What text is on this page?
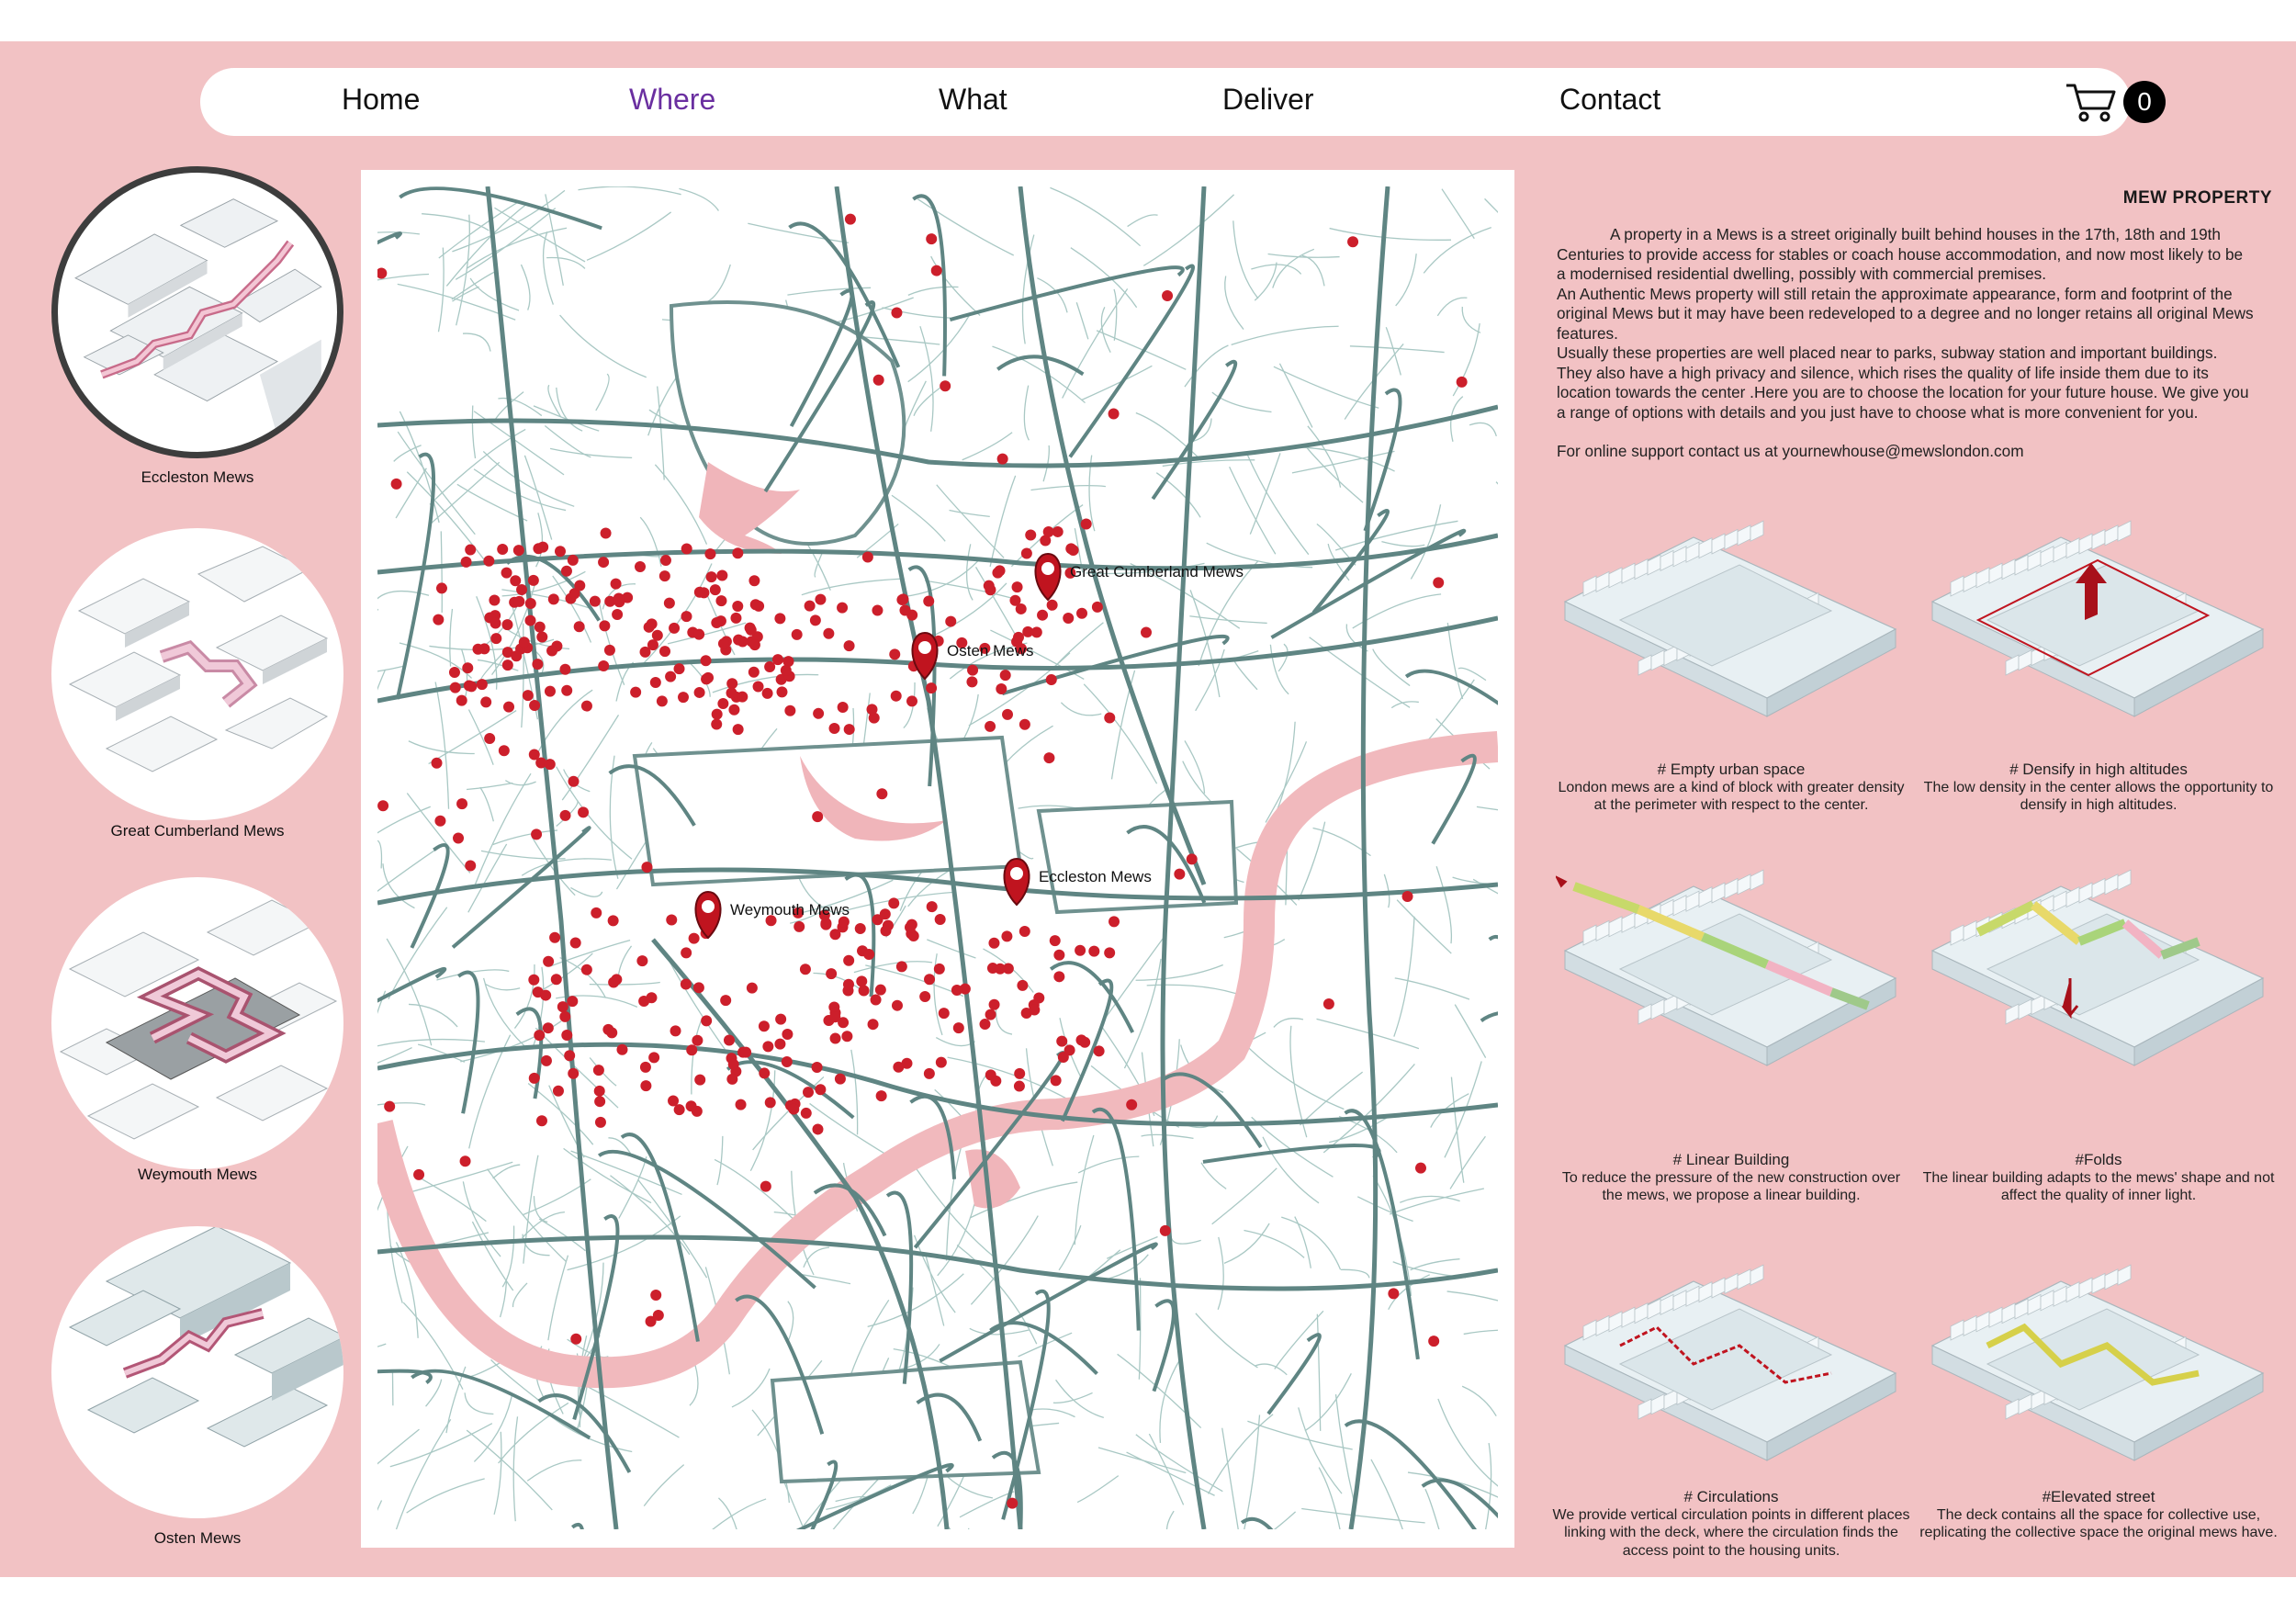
Home	Where	What	Deliver	Contact	0
Eccleston Mews
Great Cumberland Mews
Weymouth Mews
Osten Mews
Great Cumberland Mews
Osten Mews
Weymouth Mews
Eccleston Mews
MEW PROPERTY

A property in a Mews is a street originally built behind houses in the 17th, 18th and 19th Centuries to provide access for stables or coach house accommodation, and now most likely to be a modernised residential dwelling, possibly with commercial premises.

An Authentic Mews property will still retain the approximate appearance, form and footprint of the original Mews but it may have been redeveloped to a degree and no longer retains all original Mews features.

Usually these properties are well placed near to parks, subway station and important buildings. They also have a high privacy and silence, which rises the quality of life inside them due to its location towards the center .Here you are to choose the location for your future house. We give you a range of options with details and you just have to choose what is more convenient for you.

For online support contact us at yournewhouse@mewslondon.com

# Empty urban space
London mews are a kind of block with greater density at the perimeter with respect to the center.
# Densify in high altitudes
The low density in the center allows the opportunity to densify in high altitudes.
# Linear Building
To reduce the pressure of the new construction over the mews, we propose a linear building.
#Folds
The linear building adapts to the mews' shape and not affect the quality of inner light.
# Circulations
We provide vertical circulation points in different places linking with the deck, where the circulation finds the access point to the housing units.
#Elevated street
The deck contains all the space for collective use, replicating the collective space the original mews have.
